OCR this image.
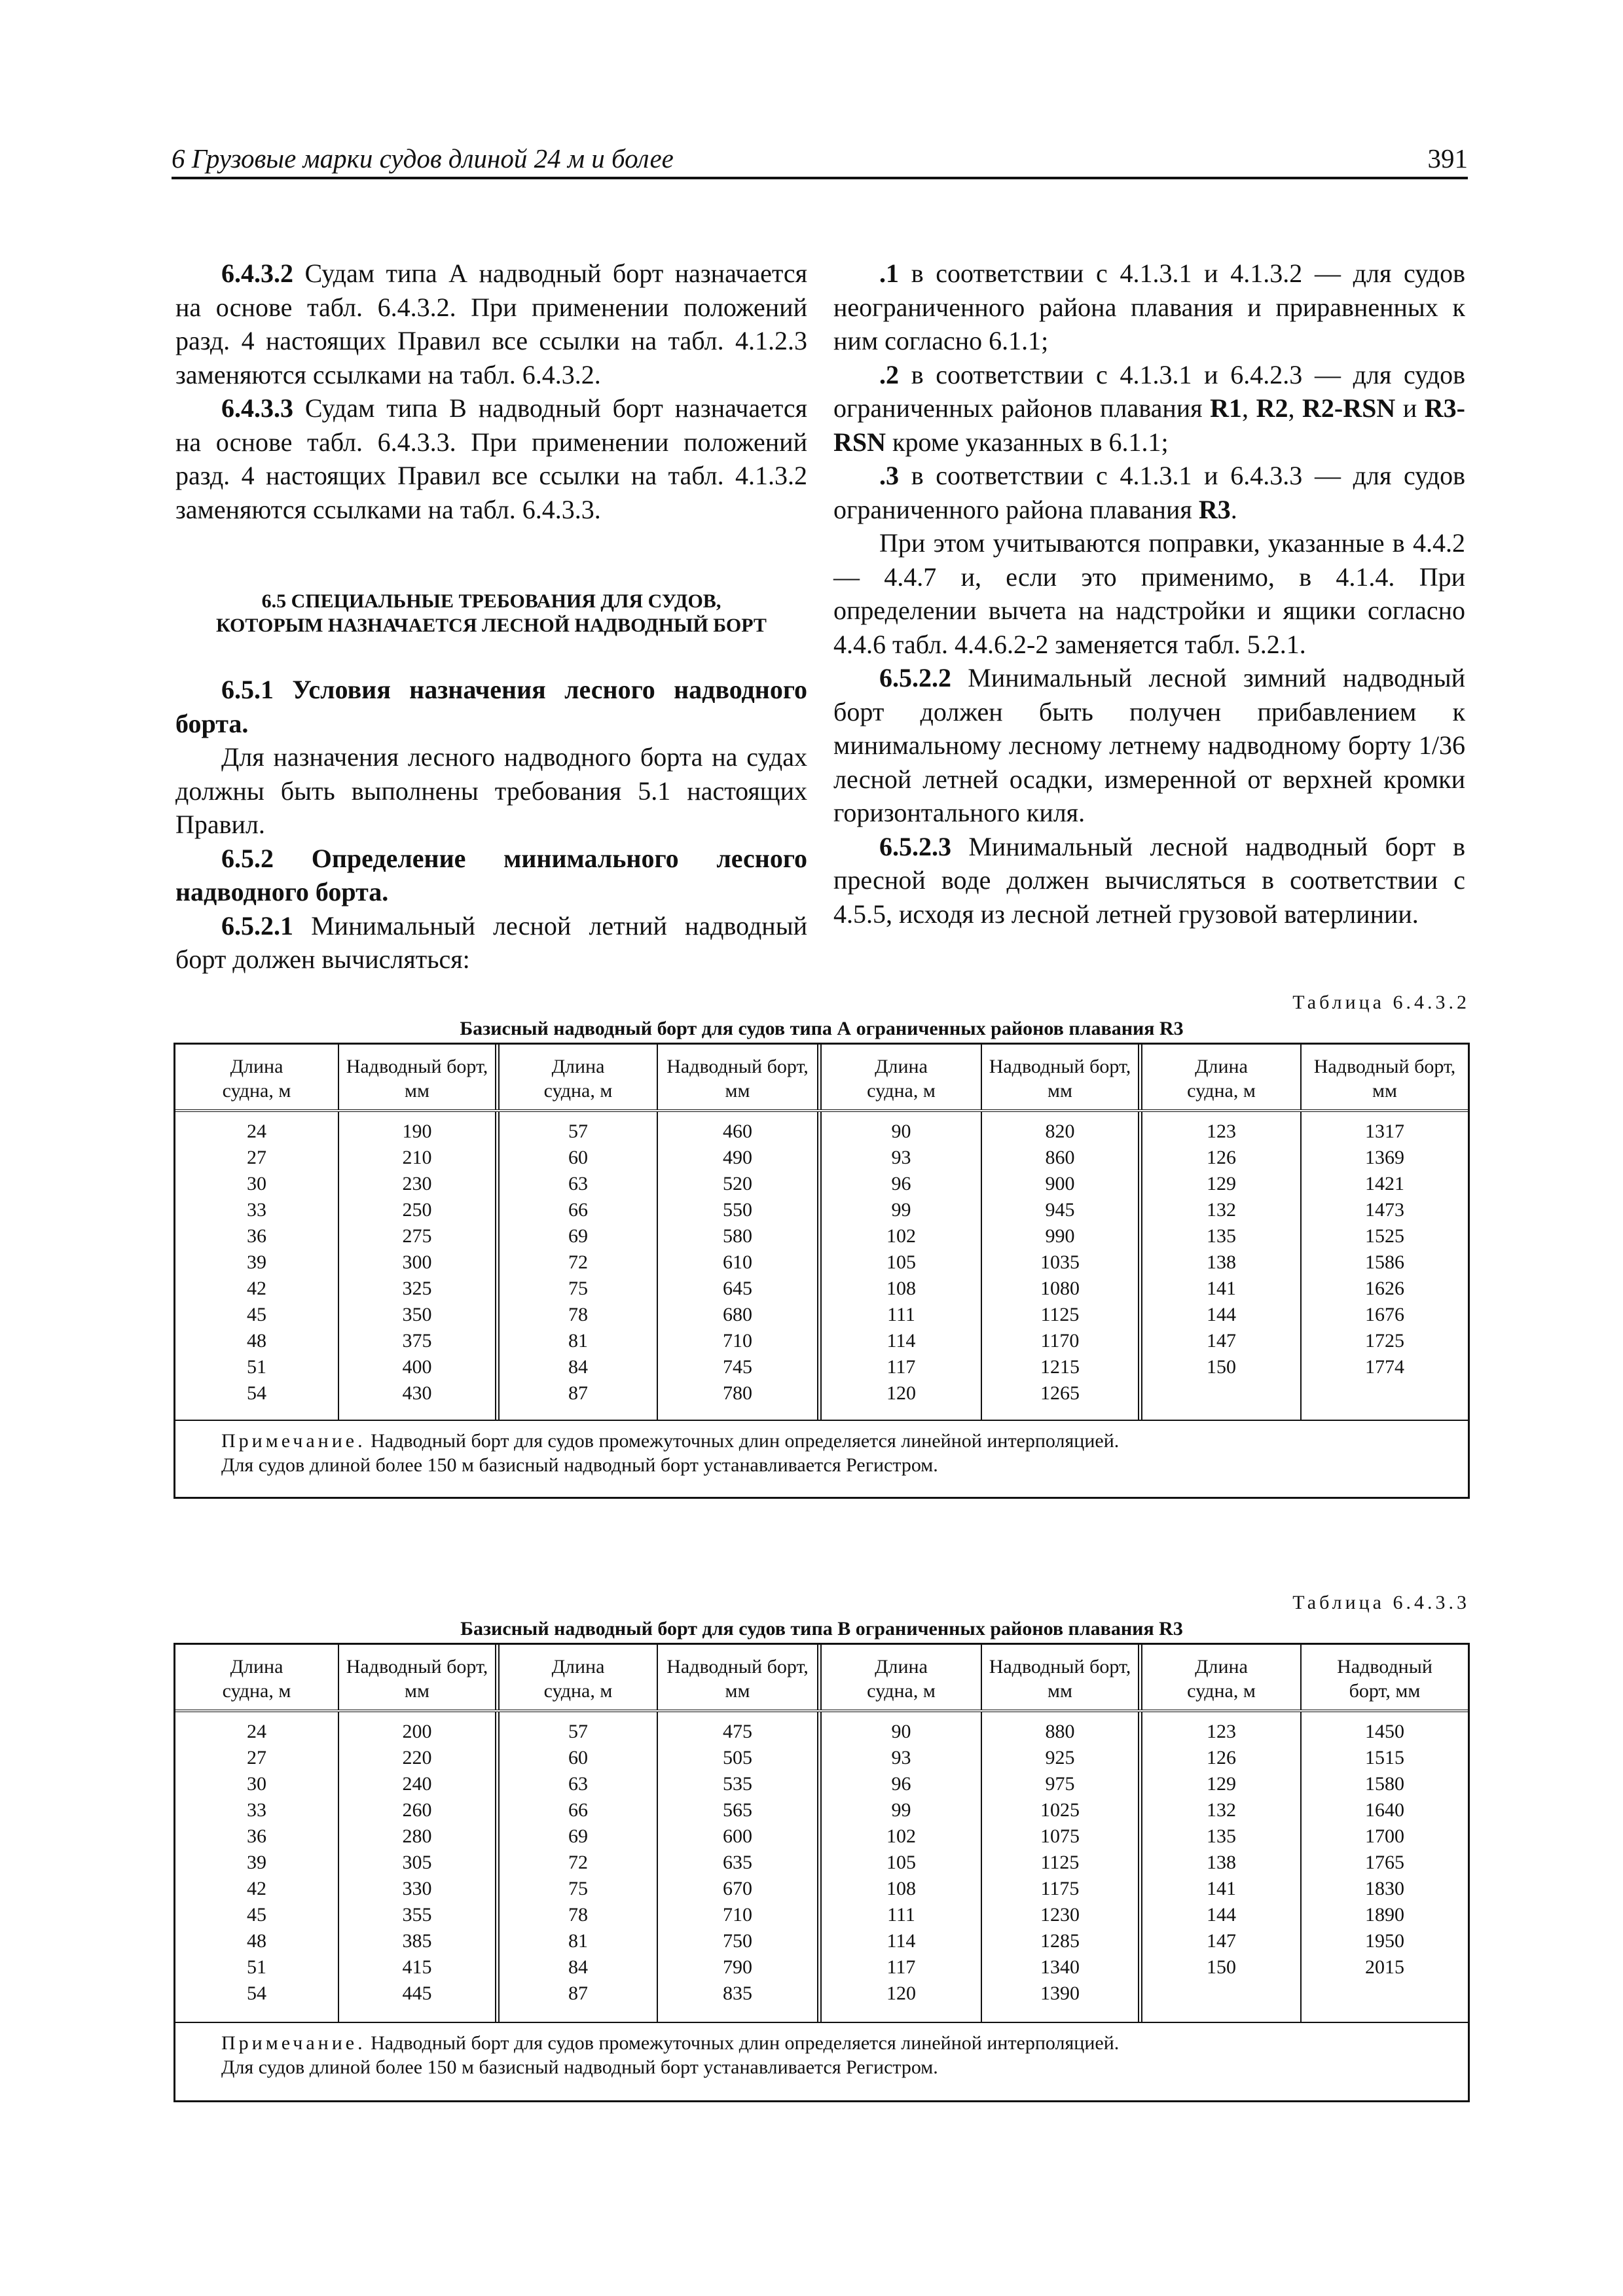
6 Грузовые марки судов длиной 24 м и более	391

6.4.3.2 Судам типа А надводный борт назначается на основе табл. 6.4.3.2. При применении положений разд. 4 настоящих Правил все ссылки на табл. 4.1.2.3 заменяются ссылками на табл. 6.4.3.2.

6.4.3.3 Судам типа В надводный борт назначается на основе табл. 6.4.3.3. При применении положений разд. 4 настоящих Правил все ссылки на табл. 4.1.3.2 заменяются ссылками на табл. 6.4.3.3.

6.5 СПЕЦИАЛЬНЫЕ ТРЕБОВАНИЯ ДЛЯ СУДОВ,
КОТОРЫМ НАЗНАЧАЕТСЯ ЛЕСНОЙ НАДВОДНЫЙ БОРТ

6.5.1 Условия назначения лесного надводного борта.

Для назначения лесного надводного борта на судах должны быть выполнены требования 5.1 настоящих Правил.

6.5.2 Определение минимального лесного надводного борта.

6.5.2.1 Минимальный лесной летний надводный борт должен вычисляться:

.1 в соответствии с 4.1.3.1 и 4.1.3.2 — для судов неограниченного района плавания и приравненных к ним согласно 6.1.1;

.2 в соответствии с 4.1.3.1 и 6.4.2.3 — для судов ограниченных районов плавания R1, R2, R2-RSN и R3-RSN кроме указанных в 6.1.1;

.3 в соответствии с 4.1.3.1 и 6.4.3.3 — для судов ограниченного района плавания R3.

При этом учитываются поправки, указанные в 4.4.2 — 4.4.7 и, если это применимо, в 4.1.4. При определении вычета на надстройки и ящики согласно 4.4.6 табл. 4.4.6.2-2 заменяется табл. 5.2.1.

6.5.2.2 Минимальный лесной зимний надводный борт должен быть получен прибавлением к минимальному лесному летнему надводному борту 1/36 лесной летней осадки, измеренной от верхней кромки горизонтального киля.

6.5.2.3 Минимальный лесной надводный борт в пресной воде должен вычисляться в соответствии с 4.5.5, исходя из лесной летней грузовой ватерлинии.

Таблица 6.4.3.2
Базисный надводный борт для судов типа А ограниченных районов плавания R3
Длина
судна, м
Надводный борт,
мм
Длина
судна, м
Надводный борт,
мм
Длина
судна, м
Надводный борт,
мм
Длина
судна, м
Надводный борт,
мм
24
27
30
33
36
39
42
45
48
51
54
190
210
230
250
275
300
325
350
375
400
430
57
60
63
66
69
72
75
78
81
84
87
460
490
520
550
580
610
645
680
710
745
780
90
93
96
99
102
105
108
111
114
117
120
820
860
900
945
990
1035
1080
1125
1170
1215
1265
123
126
129
132
135
138
141
144
147
150
1317
1369
1421
1473
1525
1586
1626
1676
1725
1774
Примечание. Надводный борт для судов промежуточных длин определяется линейной интерполяцией.
Для судов длиной более 150 м базисный надводный борт устанавливается Регистром.
Таблица 6.4.3.3
Базисный надводный борт для судов типа В ограниченных районов плавания R3
Длина
судна, м
Надводный борт,
мм
Длина
судна, м
Надводный борт,
мм
Длина
судна, м
Надводный борт,
мм
Длина
судна, м
Надводный
борт, мм
24
27
30
33
36
39
42
45
48
51
54
200
220
240
260
280
305
330
355
385
415
445
57
60
63
66
69
72
75
78
81
84
87
475
505
535
565
600
635
670
710
750
790
835
90
93
96
99
102
105
108
111
114
117
120
880
925
975
1025
1075
1125
1175
1230
1285
1340
1390
123
126
129
132
135
138
141
144
147
150
1450
1515
1580
1640
1700
1765
1830
1890
1950
2015
Примечание. Надводный борт для судов промежуточных длин определяется линейной интерполяцией.
Для судов длиной более 150 м базисный надводный борт устанавливается Регистром.
